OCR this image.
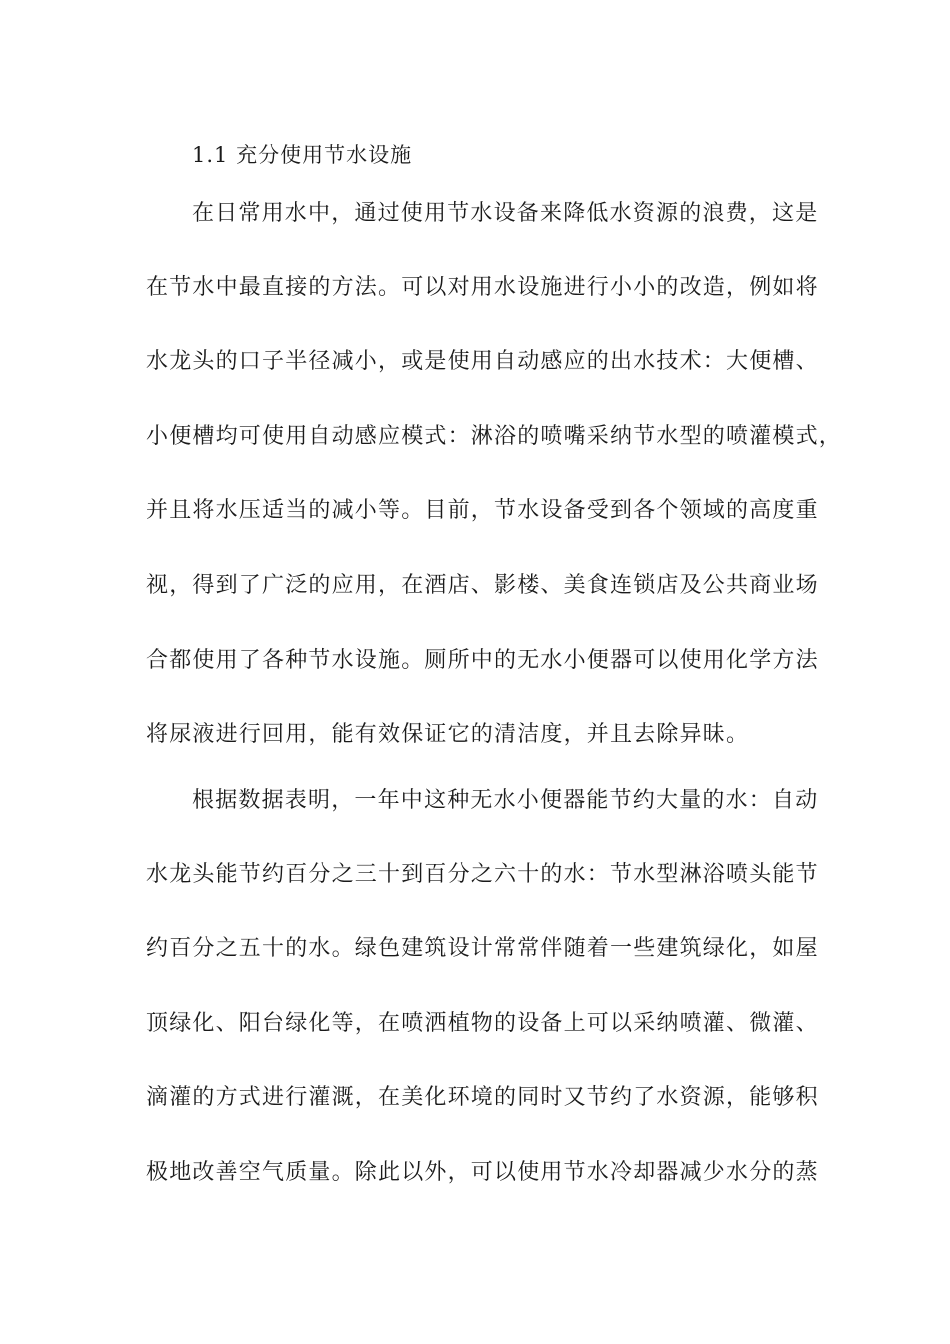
1.1 充分使用节水设施
在日常用水中，通过使用节水设备来降低水资源的浪费，这是
在节水中最直接的方法。可以对用水设施进行小小的改造，例如将
水龙头的口子半径减小，或是使用自动感应的出水技术：大便槽、
小便槽均可使用自动感应模式：淋浴的喷嘴采纳节水型的喷灌模式，
并且将水压适当的减小等。目前，节水设备受到各个领域的高度重
视，得到了广泛的应用，在酒店、影楼、美食连锁店及公共商业场
合都使用了各种节水设施。厕所中的无水小便器可以使用化学方法
将尿液进行回用，能有效保证它的清洁度，并且去除异昧。
根据数据表明，一年中这种无水小便器能节约大量的水：自动
水龙头能节约百分之三十到百分之六十的水：节水型淋浴喷头能节
约百分之五十的水。绿色建筑设计常常伴随着一些建筑绿化，如屋
顶绿化、阳台绿化等，在喷洒植物的设备上可以采纳喷灌、微灌、
滴灌的方式进行灌溉，在美化环境的同时又节约了水资源，能够积
极地改善空气质量。除此以外，可以使用节水冷却器减少水分的蒸
